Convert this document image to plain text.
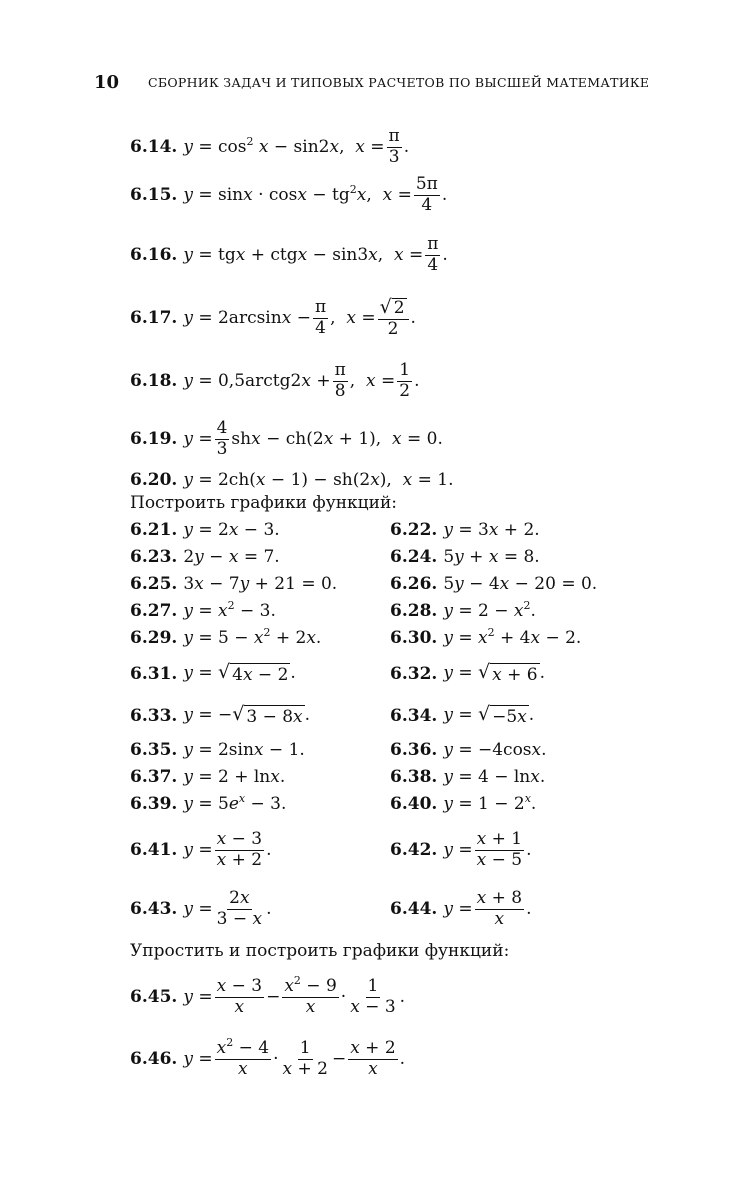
10 СБОРНИК ЗАДАЧ И ТИПОВЫХ РАСЧЕТОВ ПО ВЫСШЕЙ МАТЕМАТИКЕ
6.14. $y = \cos^2 x - \sin 2x$,  $x = \frac{\pi}{3}$ .
6.15. $y = \sin x \cdot \cos x - tg^2x$,  $x = \frac{5\pi}{4}$ .
6.16. y = tgx + ctgx − sin3x,  $x = \frac{\pi}{4}$ .
6.17. $y = 2\arcsin x - \frac{\pi}{4}$ ,  $x = \frac{√ 2}{2}$ .
6.18. y = 0,5arctg2x + $\frac{\pi}{8}$ ,  $x = \frac{1}{2}$ .
6.19. $y = \frac{4}{3}$ shx − ch(2x + 1),  x = 0.
6.20. y = 2ch(x − 1) − sh(2x),  x = 1.
Построить графики функций:
6.21. y = 2x − 3.	6.22. y = 3x + 2.
6.23. 2y − x = 7.	6.24. 5y + x = 8.
6.25. 3x − 7y + 21 = 0.	6.26. 5y − 4x − 20 = 0.
6.27. $y = x^2 - 3$.	6.28. $y = 2 - x^2$.
6.29. $y = 5 - x^2 + 2x$.	6.30. $y = x^2 + 4x - 2$.
6.31. y = √ 4x − 2 .	6.32. y = √ x + 6 .
6.33. y = − √ 3 − 8x .	6.34. y = √ −5x .
6.35. y = 2sinx − 1.	6.36. y = −4cosx.
6.37. y = 2 + lnx.	6.38. y = 4 − lnx.
6.39. $y = 5e^x - 3$.	6.40. $y = 1 - 2^x$.
6.41. $y = \frac{x - 3}{x + 2}$ .	6.42. $y = \frac{x + 1}{x - 5}$ .
6.43. $y = \frac{2x}{3 - x}$ .	6.44. $y = \frac{x + 8}{x}$ .
Упростить и построить графики функций:
6.45. $y = \frac{x - 3}{x} - \frac{x^2 - 9}{x} \cdot \frac{1}{x - 3}$ .
6.46. $y = \frac{x^2 - 4}{x} \cdot \frac{1}{x + 2} - \frac{x + 2}{x}$ .
